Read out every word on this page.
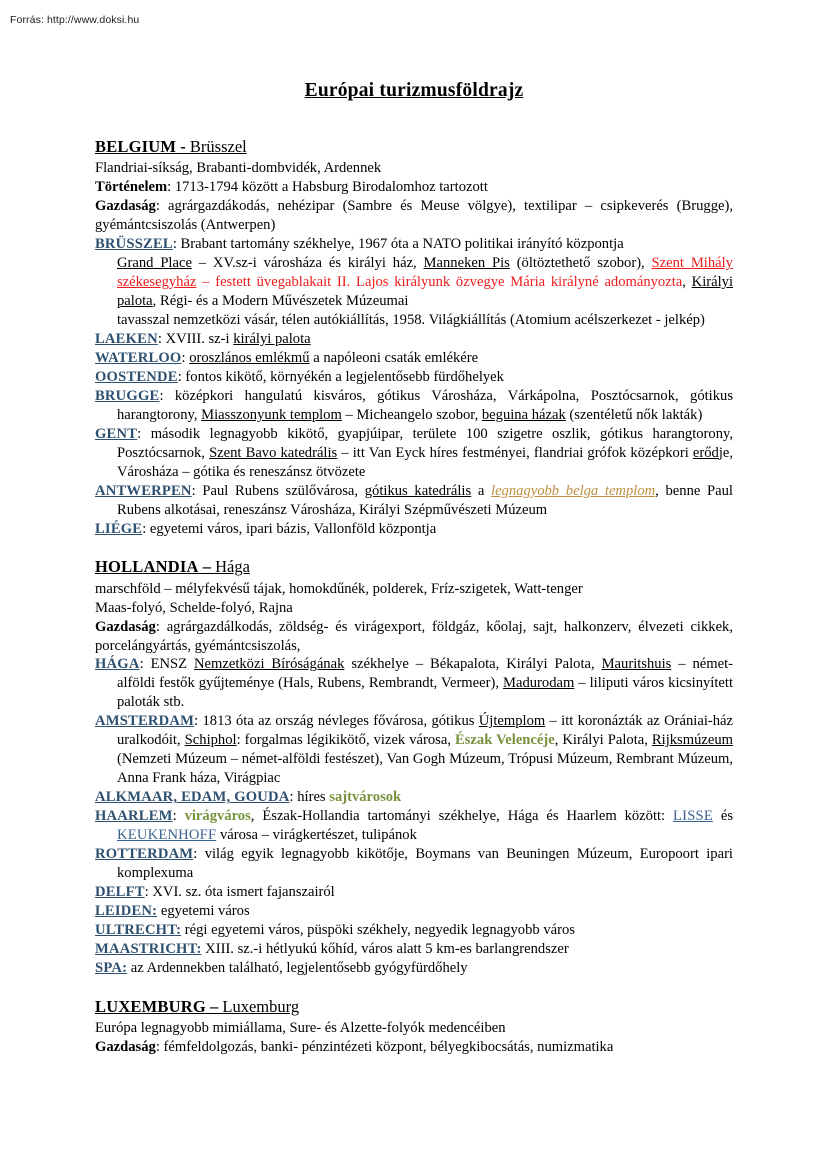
Forrás: http://www.doksi.hu
Európai turizmusföldrajz
BELGIUM - Brüsszel

Flandriai-síkság, Brabanti-dombvidék, Ardennek

Történelem: 1713-1794 között a Habsburg Birodalomhoz tartozott

Gazdaság: agrárgazdákodás, nehézipar (Sambre és Meuse völgye), textilipar – csipkeverés (Brugge), gyémántcsiszolás (Antwerpen)

BRÜSSZEL: Brabant tartomány székhelye, 1967 óta a NATO politikai irányító központja

Grand Place – XV.sz-i városháza és királyi ház, Manneken Pis (öltöztethető szobor), Szent Mihály székesegyház – festett üvegablakait II. Lajos királyunk özvegye Mária királyné adományozta, Királyi palota, Régi- és a Modern Művészetek Múzeumai

tavasszal nemzetközi vásár, télen autókiállítás, 1958. Világkiállítás (Atomium acélszerkezet - jelkép)

LAEKEN: XVIII. sz-i királyi palota

WATERLOO: oroszlános emlékmű a napóleoni csaták emlékére

OOSTENDE: fontos kikötő, környékén a legjelentősebb fürdőhelyek

BRUGGE: középkori hangulatú kisváros, gótikus Városháza, Várkápolna, Posztócsarnok, gótikus harangtorony, Miasszonyunk templom – Micheangelo szobor, beguina házak (szentéletű nők lakták)

GENT: második legnagyobb kikötő, gyapjúipar, területe 100 szigetre oszlik, gótikus harangtorony, Posztócsarnok, Szent Bavo katedrális – itt Van Eyck híres festményei, flandriai grófok középkori erődje, Városháza – gótika és reneszánsz ötvözete

ANTWERPEN: Paul Rubens szülővárosa, gótikus katedrális a legnagyobb belga templom, benne Paul Rubens alkotásai, reneszánsz Városháza, Királyi Szépművészeti Múzeum

LIÉGE: egyetemi város, ipari bázis, Vallonföld központja

HOLLANDIA – Hága

marschföld – mélyfekvésű tájak, homokdűnék, polderek, Fríz-szigetek, Watt-tenger

Maas-folyó, Schelde-folyó, Rajna

Gazdaság: agrárgazdálkodás, zöldség- és virágexport, földgáz, kőolaj, sajt, halkonzerv, élvezeti cikkek, porcelángyártás, gyémántcsiszolás,

HÁGA: ENSZ Nemzetközi Bíróságának székhelye – Békapalota, Királyi Palota, Mauritshuis – német-alföldi festők gyűjteménye (Hals, Rubens, Rembrandt, Vermeer), Madurodam – liliputi város kicsinyített paloták stb.

AMSTERDAM: 1813 óta az ország névleges fővárosa, gótikus Újtemplom – itt koronázták az Orániai-ház uralkodóit, Schiphol: forgalmas légikikötő, vizek városa, Észak Velencéje, Királyi Palota, Rijksmúzeum (Nemzeti Múzeum – német-alföldi festészet), Van Gogh Múzeum, Trópusi Múzeum, Rembrant Múzeum, Anna Frank háza, Virágpiac

ALKMAAR, EDAM, GOUDA: híres sajtvárosok

HAARLEM: virágváros, Észak-Hollandia tartományi székhelye, Hága és Haarlem között: LISSE és KEUKENHOFF városa – virágkertészet, tulipánok

ROTTERDAM: világ egyik legnagyobb kikötője, Boymans van Beuningen Múzeum, Europoort ipari komplexuma

DELFT: XVI. sz. óta ismert fajanszairól

LEIDEN: egyetemi város

ULTRECHT: régi egyetemi város, püspöki székhely, negyedik legnagyobb város

MAASTRICHT: XIII. sz.-i hétlyukú kőhíd, város alatt 5 km-es barlangrendszer

SPA: az Ardennekben található, legjelentősebb gyógyfürdőhely

LUXEMBURG – Luxemburg

Európa legnagyobb mimiállama, Sure- és Alzette-folyók medencéiben

Gazdaság: fémfeldolgozás, banki- pénzintézeti központ, bélyegkibocsátás, numizmatika
